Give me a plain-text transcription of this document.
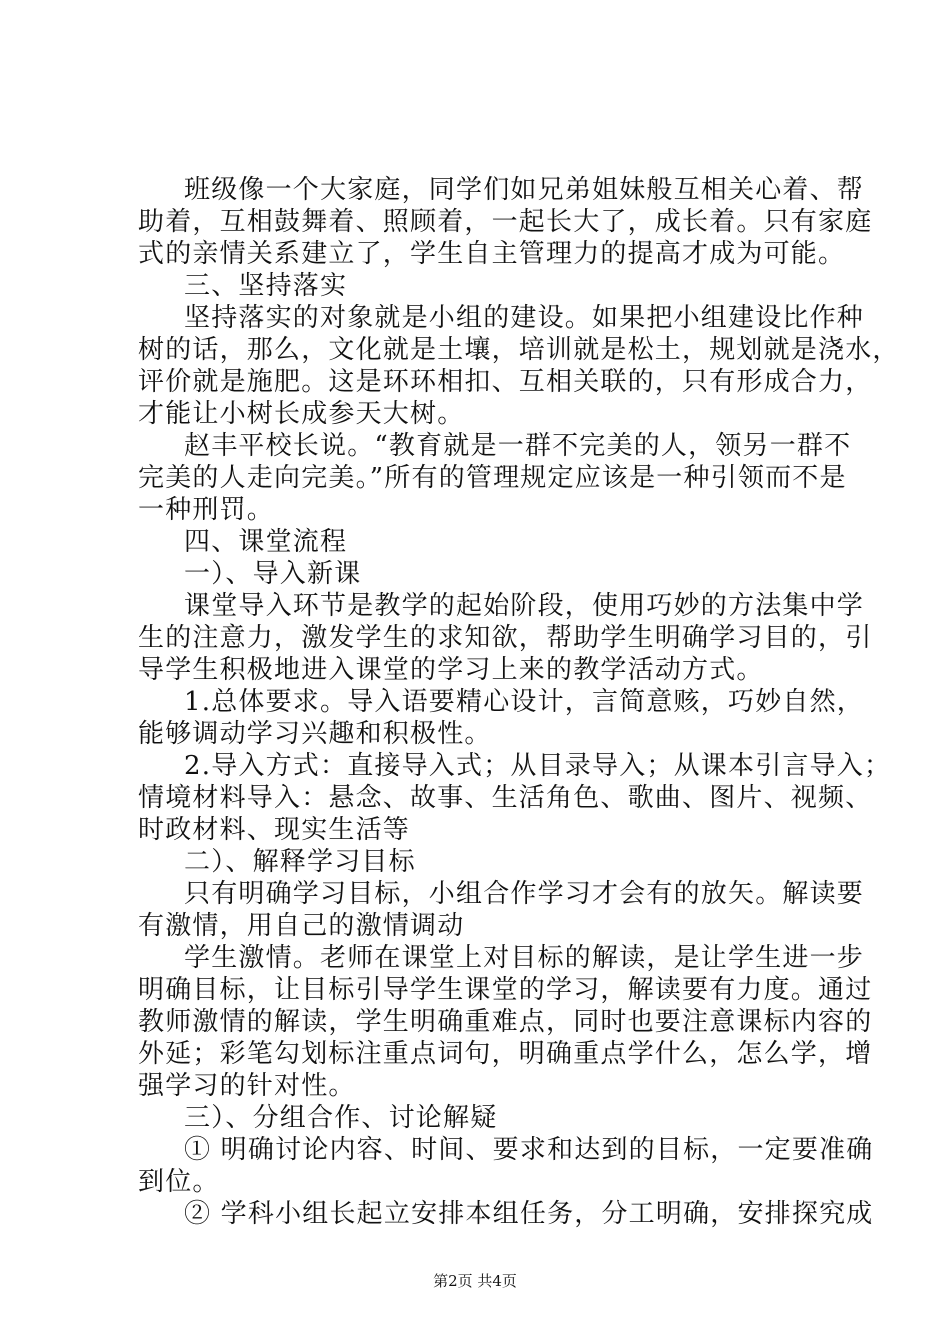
班级像一个大家庭，同学们如兄弟姐妹般互相关心着、帮
助着，互相鼓舞着、照顾着，一起长大了，成长着。只有家庭
式的亲情关系建立了，学生自主管理力的提高才成为可能。
三、坚持落实
坚持落实的对象就是小组的建设。如果把小组建设比作种
树的话，那么，文化就是土壤，培训就是松土，规划就是浇水，
评价就是施肥。这是环环相扣、互相关联的，只有形成合力，
才能让小树长成参天大树。
赵丰平校长说。“教育就是一群不完美的人，领另一群不
完美的人走向完美。”所有的管理规定应该是一种引领而不是
一种刑罚。
四、课堂流程
一）、导入新课
课堂导入环节是教学的起始阶段，使用巧妙的方法集中学
生的注意力，激发学生的求知欲，帮助学生明确学习目的，引
导学生积极地进入课堂的学习上来的教学活动方式。
1.总体要求。导入语要精心设计，言简意赅，巧妙自然，
能够调动学习兴趣和积极性。
2.导入方式：直接导入式；从目录导入；从课本引言导入；
情境材料导入：悬念、故事、生活角色、歌曲、图片、视频、
时政材料、现实生活等
二）、解释学习目标
只有明确学习目标，小组合作学习才会有的放矢。解读要
有激情，用自己的激情调动
学生激情。老师在课堂上对目标的解读，是让学生进一步
明确目标，让目标引导学生课堂的学习，解读要有力度。通过
教师激情的解读，学生明确重难点，同时也要注意课标内容的
外延；彩笔勾划标注重点词句，明确重点学什么，怎么学，增
强学习的针对性。
三）、分组合作、讨论解疑
① 明确讨论内容、时间、要求和达到的目标，一定要准确
到位。
② 学科小组长起立安排本组任务，分工明确，安排探究成
第2页 共4页
